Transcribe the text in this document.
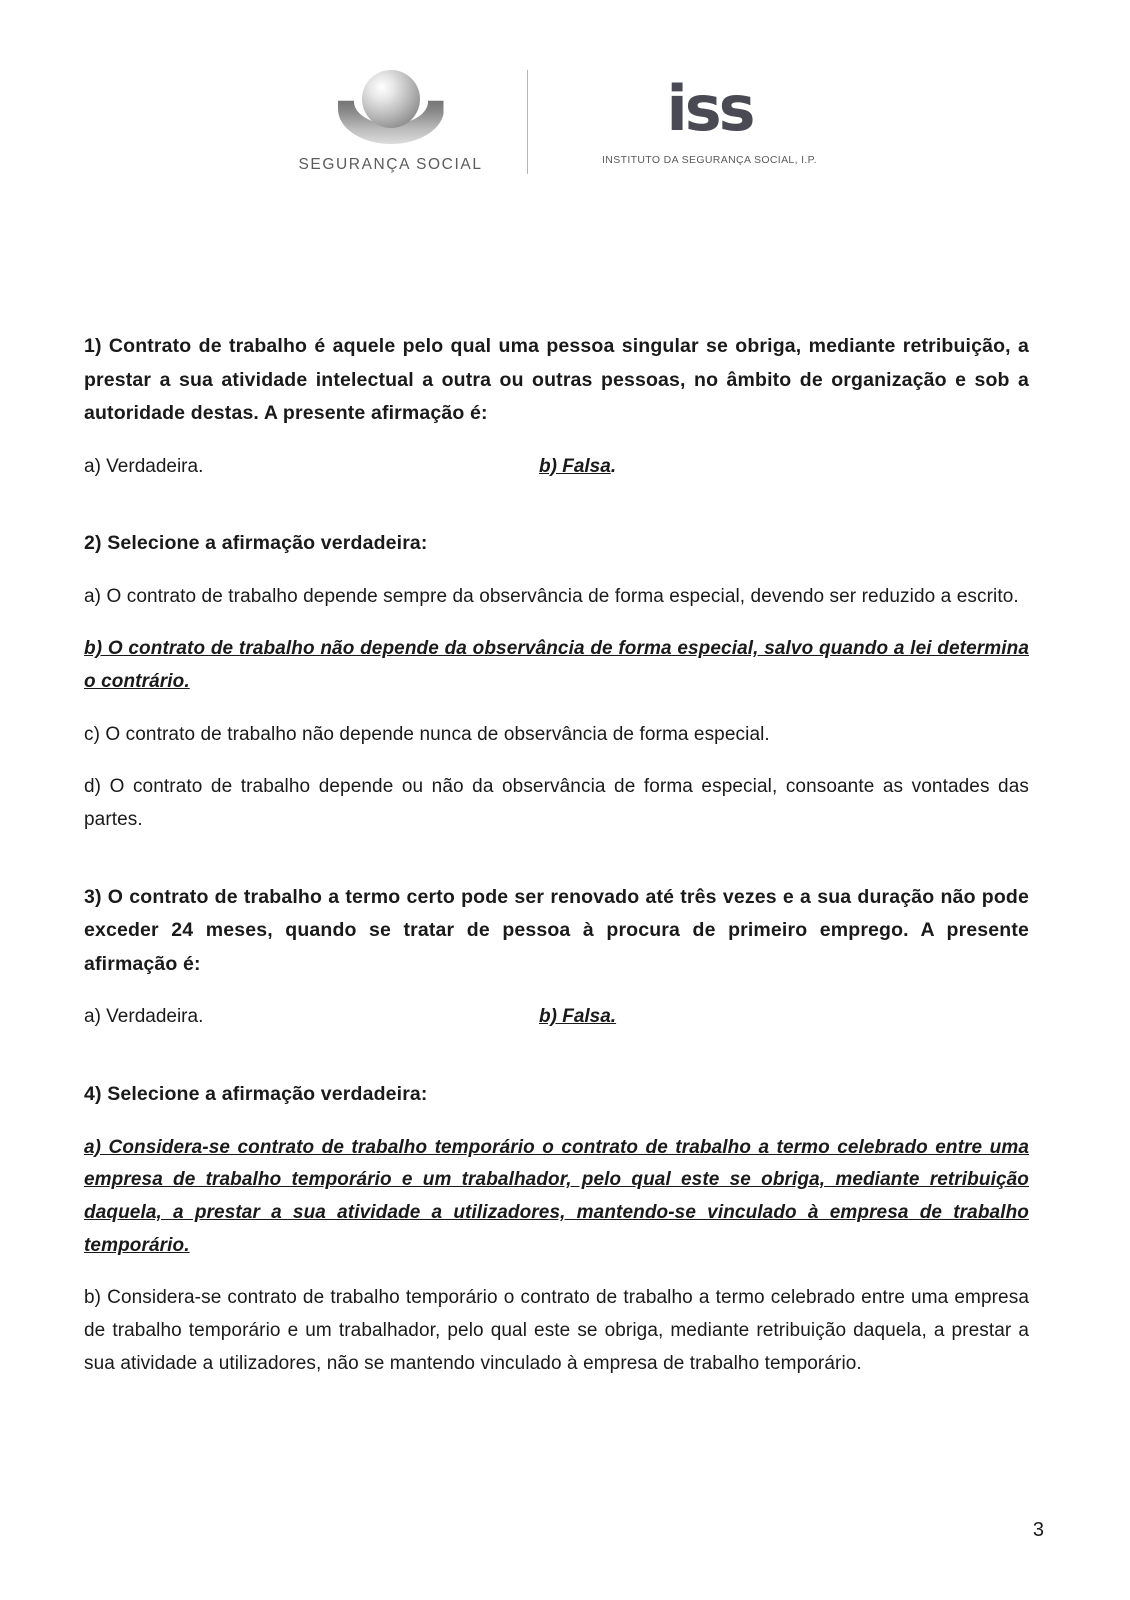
SEGURANÇA SOCIAL
iss
INSTITUTO DA SEGURANÇA SOCIAL, I.P.

1) Contrato de trabalho é aquele pelo qual uma pessoa singular se obriga, mediante retribuição, a prestar a sua atividade intelectual a outra ou outras pessoas, no âmbito de organização e sob a autoridade destas. A presente afirmação é:

a) Verdadeira.	b) Falsa.

2) Selecione a afirmação verdadeira:

a) O contrato de trabalho depende sempre da observância de forma especial, devendo ser reduzido a escrito.

b) O contrato de trabalho não depende da observância de forma especial, salvo quando a lei determina o contrário.

c) O contrato de trabalho não depende nunca de observância de forma especial.

d) O contrato de trabalho depende ou não da observância de forma especial, consoante as vontades das partes.

3) O contrato de trabalho a termo certo pode ser renovado até três vezes e a sua duração não pode exceder 24 meses, quando se tratar de pessoa à procura de primeiro emprego. A presente afirmação é:

a) Verdadeira.	b) Falsa.

4) Selecione a afirmação verdadeira:

a) Considera-se contrato de trabalho temporário o contrato de trabalho a termo celebrado entre uma empresa de trabalho temporário e um trabalhador, pelo qual este se obriga, mediante retribuição daquela, a prestar a sua atividade a utilizadores, mantendo-se vinculado à empresa de trabalho temporário.

b) Considera-se contrato de trabalho temporário o contrato de trabalho a termo celebrado entre uma empresa de trabalho temporário e um trabalhador, pelo qual este se obriga, mediante retribuição daquela, a prestar a sua atividade a utilizadores, não se mantendo vinculado à empresa de trabalho temporário.

3
